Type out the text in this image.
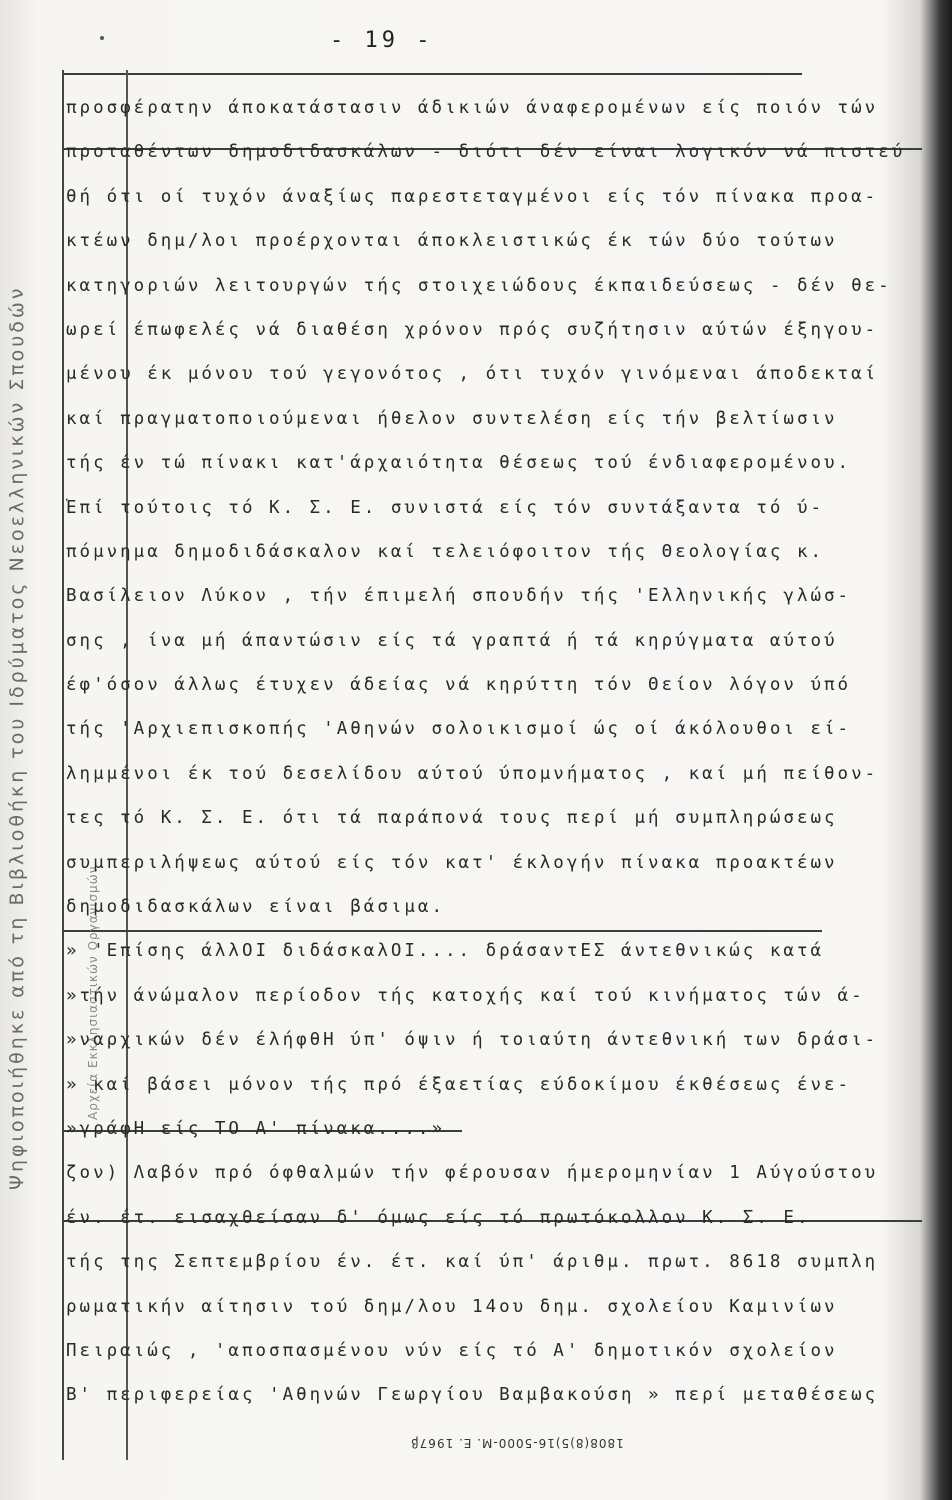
- 19 -
Ψηφιοποιήθηκε από τη Βιβλιοθήκη του Ιδρύματος Νεοελληνικών Σπουδών	Αρχεία Εκκλησιαστικών Οργανισμών
προσφέρατην άποκατάστασιν άδικιών άναφερομένων είς ποιόν τών
προταθέντων δημοδιδασκάλων - διότι δέν είναι λογικόν νά πιστεύ
θή ότι οί τυχόν άναξίως παρεστεταγμένοι είς τόν πίνακα προα-
κτέων δημ/λοι προέρχονται άποκλειστικώς έκ τών δύο τούτων
κατηγοριών λειτουργών τής στοιχειώδους έκπαιδεύσεως - δέν θε-
ωρεί έπωφελές νά διαθέση χρόνον πρός συζήτησιν αύτών έξηγου-
μένου έκ μόνου τού γεγονότος , ότι τυχόν γινόμεναι άποδεκταί
καί πραγματοποιούμεναι ήθελον συντελέση είς τήν βελτίωσιν
τής έν τώ πίνακι κατ'άρχαιότητα θέσεως τού ένδιαφερομένου.
Έπί τούτοις τό Κ. Σ. Ε. συνιστά είς τόν συντάξαντα τό ύ-
πόμνημα δημοδιδάσκαλον καί τελειόφοιτον τής Θεολογίας κ.
Βασίλειον Λύκον , τήν έπιμελή σπουδήν τής 'Ελληνικής γλώσ-
σης , ίνα μή άπαντώσιν είς τά γραπτά ή τά κηρύγματα αύτού
έφ'όσον άλλως έτυχεν άδείας νά κηρύττη τόν Θείον λόγον ύπό
τής 'Αρχιεπισκοπής 'Αθηνών σολοικισμοί ώς οί άκόλουθοι εί-
λημμένοι έκ τού δεσελίδου αύτού ύπομνήματος , καί μή πείθον-
τες τό Κ. Σ. Ε. ότι τά παράπονά τους περί μή συμπληρώσεως
συμπεριλήψεως αύτού είς τόν κατ' έκλογήν πίνακα προακτέων
δημοδιδασκάλων είναι βάσιμα.
» 'Επίσης άλλΟΙ διδάσκαλΟΙ.... δράσαντΕΣ άντεθνικώς κατά
»τήν άνώμαλον περίοδον τής κατοχής καί τού κινήματος τών ά-
»ναρχικών δέν έλήφθΗ ύπ' όψιν ή τοιαύτη άντεθνική των δράσι-
» καί βάσει μόνον τής πρό έξαετίας εύδοκίμου έκθέσεως ένε-
»γράφΗ είς ΤΟ Α' πίνακα....»
ζον) Λαβόν πρό όφθαλμών τήν φέρουσαν ήμερομηνίαν 1 Αύγούστου
έν. έτ. εισαχθείσαν δ' όμως είς τό πρωτόκολλον Κ. Σ. Ε.
τής της Σεπτεμβρίου έν. έτ. καί ύπ' άριθμ. πρωτ. 8618 συμπλη
ρωματικήν αίτησιν τού δημ/λου 14ου δημ. σχολείου Καμινίων
Πειραιώς , 'αποσπασμένου νύν είς τό Α' δημοτικόν σχολείον
Β' περιφερείας 'Αθηνών Γεωργίου Βαμβακούση » περί μεταθέσεως
1808(8)5)16-5000-Μ. Ε. 1967β
